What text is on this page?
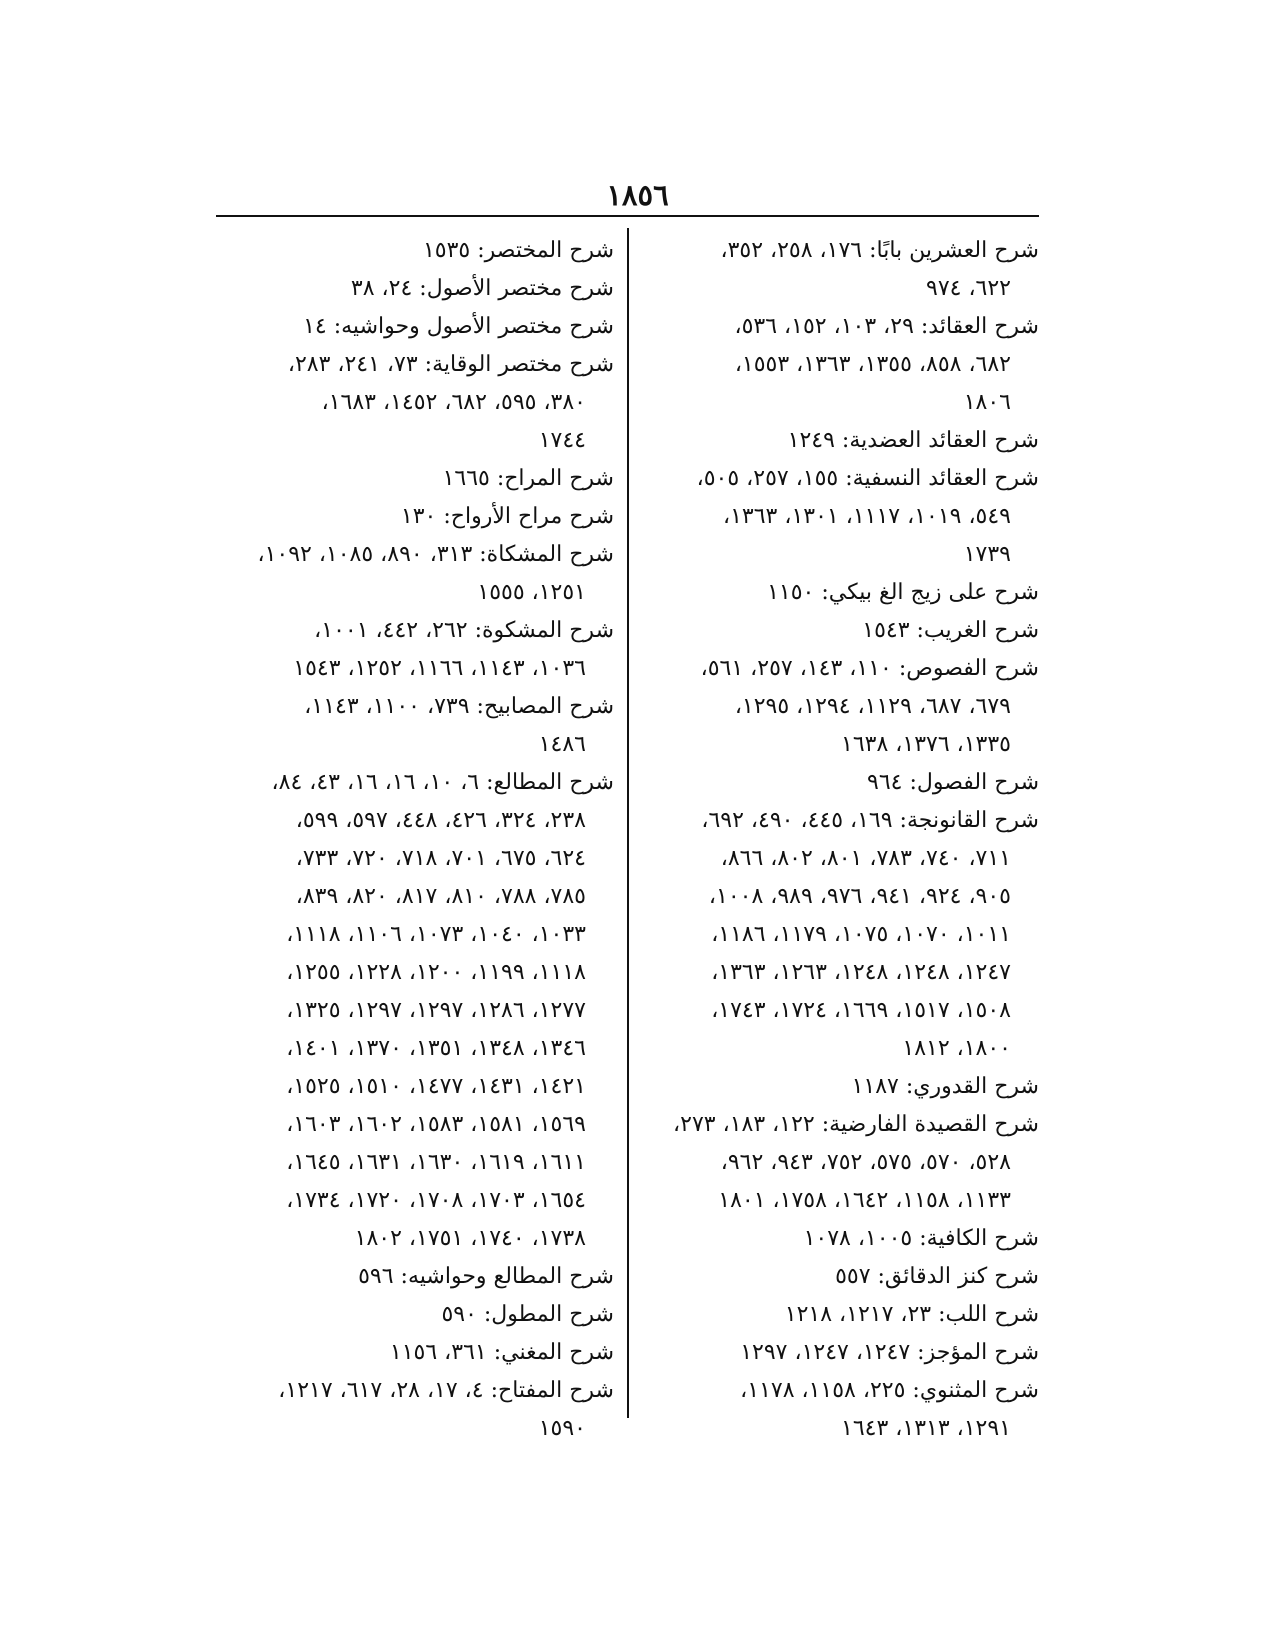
١٨٥٦
شرح العشرين بابًا: ١٧٦، ٢٥٨، ٣٥٢،
٦٢٢، ٩٧٤
شرح العقائد: ٢٩، ١٠٣، ١٥٢، ٥٣٦،
٦٨٢، ٨٥٨، ١٣٥٥، ١٣٦٣، ١٥٥٣،
١٨٠٦
شرح العقائد العضدية: ١٢٤٩
شرح العقائد النسفية: ١٥٥، ٢٥٧، ٥٠٥،
٥٤٩، ١٠١٩، ١١١٧، ١٣٠١، ١٣٦٣،
١٧٣٩
شرح على زيج الغ بيكي: ١١٥٠
شرح الغريب: ١٥٤٣
شرح الفصوص: ١١٠، ١٤٣، ٢٥٧، ٥٦١،
٦٧٩، ٦٨٧، ١١٢٩، ١٢٩٤، ١٢٩٥،
١٣٣٥، ١٣٧٦، ١٦٣٨
شرح الفصول: ٩٦٤
شرح القانونجة: ١٦٩، ٤٤٥، ٤٩٠، ٦٩٢،
٧١١، ٧٤٠، ٧٨٣، ٨٠١، ٨٠٢، ٨٦٦،
٩٠٥، ٩٢٤، ٩٤١، ٩٧٦، ٩٨٩، ١٠٠٨،
١٠١١، ١٠٧٠، ١٠٧٥، ١١٧٩، ١١٨٦،
١٢٤٧، ١٢٤٨، ١٢٤٨، ١٢٦٣، ١٣٦٣،
١٥٠٨، ١٥١٧، ١٦٦٩، ١٧٢٤، ١٧٤٣،
١٨٠٠، ١٨١٢
شرح القدوري: ١١٨٧
شرح القصيدة الفارضية: ١٢٢، ١٨٣، ٢٧٣،
٥٢٨، ٥٧٠، ٥٧٥، ٧٥٢، ٩٤٣، ٩٦٢،
١١٣٣، ١١٥٨، ١٦٤٢، ١٧٥٨، ١٨٠١
شرح الكافية: ١٠٠٥، ١٠٧٨
شرح كنز الدقائق: ٥٥٧
شرح اللب: ٢٣، ١٢١٧، ١٢١٨
شرح المؤجز: ١٢٤٧، ١٢٤٧، ١٢٩٧
شرح المثنوي: ٢٢٥، ١١٥٨، ١١٧٨،
١٢٩١، ١٣١٣، ١٦٤٣
شرح المختصر: ١٥٣٥
شرح مختصر الأصول: ٢٤، ٣٨
شرح مختصر الأصول وحواشيه: ١٤
شرح مختصر الوقاية: ٧٣، ٢٤١، ٢٨٣،
٣٨٠، ٥٩٥، ٦٨٢، ١٤٥٢، ١٦٨٣،
١٧٤٤
شرح المراح: ١٦٦٥
شرح مراح الأرواح: ١٣٠
شرح المشكاة: ٣١٣، ٨٩٠، ١٠٨٥، ١٠٩٢،
١٢٥١، ١٥٥٥
شرح المشكوة: ٢٦٢، ٤٤٢، ١٠٠١،
١٠٣٦، ١١٤٣، ١١٦٦، ١٢٥٢، ١٥٤٣
شرح المصابيح: ٧٣٩، ١١٠٠، ١١٤٣،
١٤٨٦
شرح المطالع: ٦، ١٠، ١٦، ١٦، ٤٣، ٨٤،
٢٣٨، ٣٢٤، ٤٢٦، ٤٤٨، ٥٩٧، ٥٩٩،
٦٢٤، ٦٧٥، ٧٠١، ٧١٨، ٧٢٠، ٧٣٣،
٧٨٥، ٧٨٨، ٨١٠، ٨١٧، ٨٢٠، ٨٣٩،
١٠٣٣، ١٠٤٠، ١٠٧٣، ١١٠٦، ١١١٨،
١١١٨، ١١٩٩، ١٢٠٠، ١٢٢٨، ١٢٥٥،
١٢٧٧، ١٢٨٦، ١٢٩٧، ١٢٩٧، ١٣٢٥،
١٣٤٦، ١٣٤٨، ١٣٥١، ١٣٧٠، ١٤٠١،
١٤٢١، ١٤٣١، ١٤٧٧، ١٥١٠، ١٥٢٥،
١٥٦٩، ١٥٨١، ١٥٨٣، ١٦٠٢، ١٦٠٣،
١٦١١، ١٦١٩، ١٦٣٠، ١٦٣١، ١٦٤٥،
١٦٥٤، ١٧٠٣، ١٧٠٨، ١٧٢٠، ١٧٣٤،
١٧٣٨، ١٧٤٠، ١٧٥١، ١٨٠٢
شرح المطالع وحواشيه: ٥٩٦
شرح المطول: ٥٩٠
شرح المغني: ٣٦١، ١١٥٦
شرح المفتاح: ٤، ١٧، ٢٨، ٦١٧، ١٢١٧،
١٥٩٠
